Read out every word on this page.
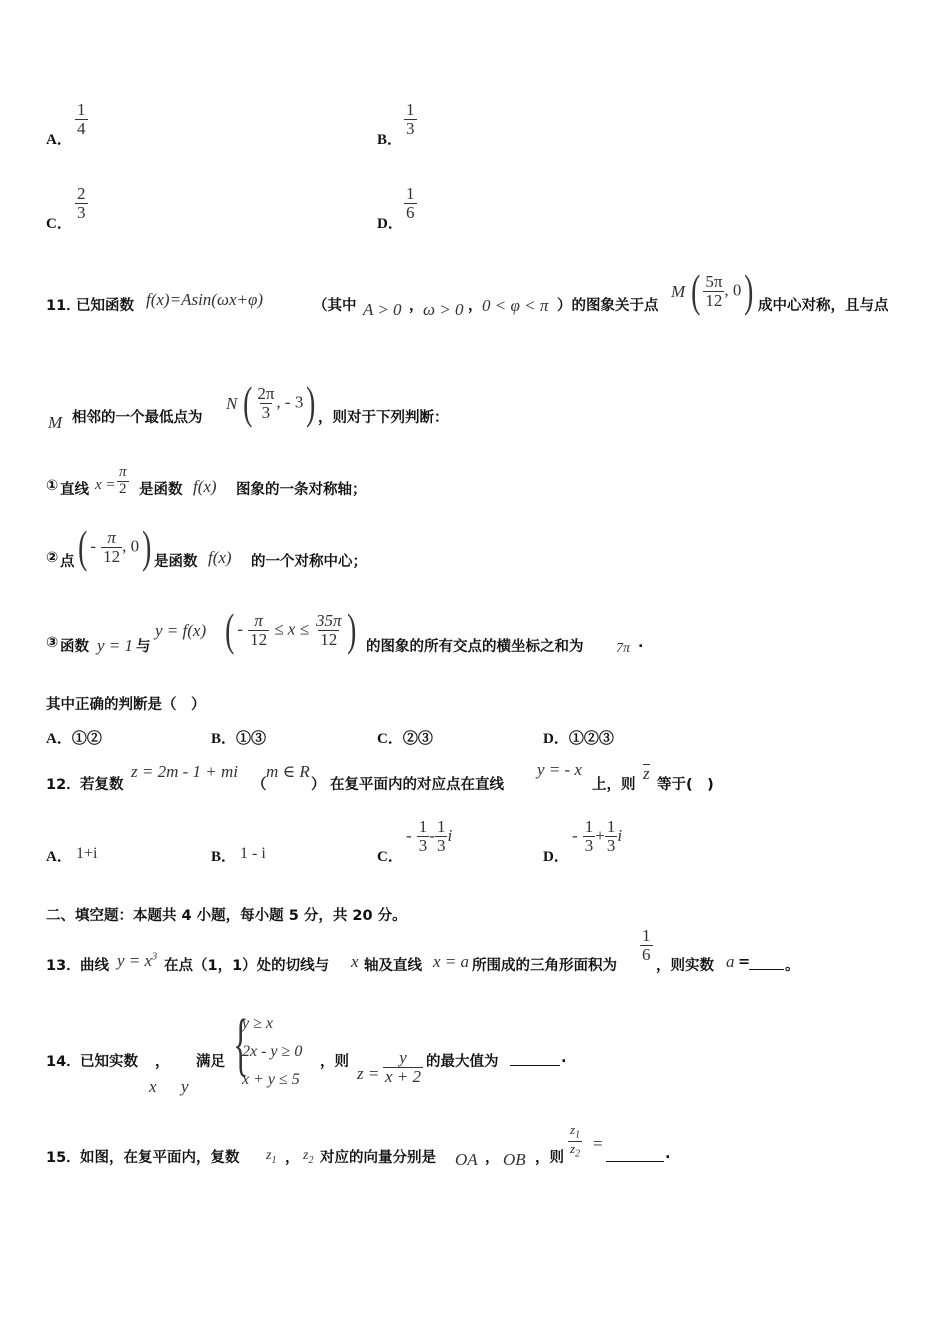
A．
$\frac{1}{4}$
B．
$\frac{1}{3}$
C．
$\frac{2}{3}$
D．
$\frac{1}{6}$
11．
已知函数 f(x)=Asin(ωx+φ)	（其中 A > 0 ， ω > 0 ， 0 < φ < π ）的图象关于点
M ( $\frac{5\pi}{12}$ , 0) 成中心对称，且与点
M 相邻的一个最低点为
N ( $\frac{2\pi}{3}$ , - 3) ，则对于下列判断：
① 直线 $x = \frac{\pi}{2}$ 是函数 f(x) 图象的一条对称轴；
② 点 ( - $\frac{\pi}{12}$ , 0) 是函数 f(x) 的一个对称中心；
③ 函数 y = 1 与
y = f(x) ( - $\frac{\pi}{12} \le x \le \frac{35\pi}{12}$ ) 的图象的所有交点的横坐标之和为 7π .
其中正确的判断是（　）
A．①②	B．①③	C．②③	D．①②③
12． 若复数
z = 2m - 1 + mi
（
m ∈ R
） 在复平面内的对应点在直线
y = - x
上，则
z
等于(　)
A． 1+i	B． 1 - i	C．
- $\frac{1}{3} - \frac{1}{3}$ i
D．
- $\frac{1}{3} + \frac{1}{3}$ i
二、填空题：本题共 4 小题，每小题 5 分，共 20 分。
13． 曲线 $y = x^3$
在点（1，1）处的切线与 x 轴及直线 x = a 所围成的三角形面积为
$\frac{1}{6}$
，则实数 a = 。
14． 已知实数 ， 满足
x y
{
y ≥ x
2x - y ≥ 0
x + y ≤ 5
，则
$z = \frac{y}{x + 2}$ 的最大值为	.
15． 如图，在复平面内，复数 $z_1$ ， $z_2$ 对应的向量分别是 OA ， OB ，则 $\frac{z_1}{z_2}$ =
.
